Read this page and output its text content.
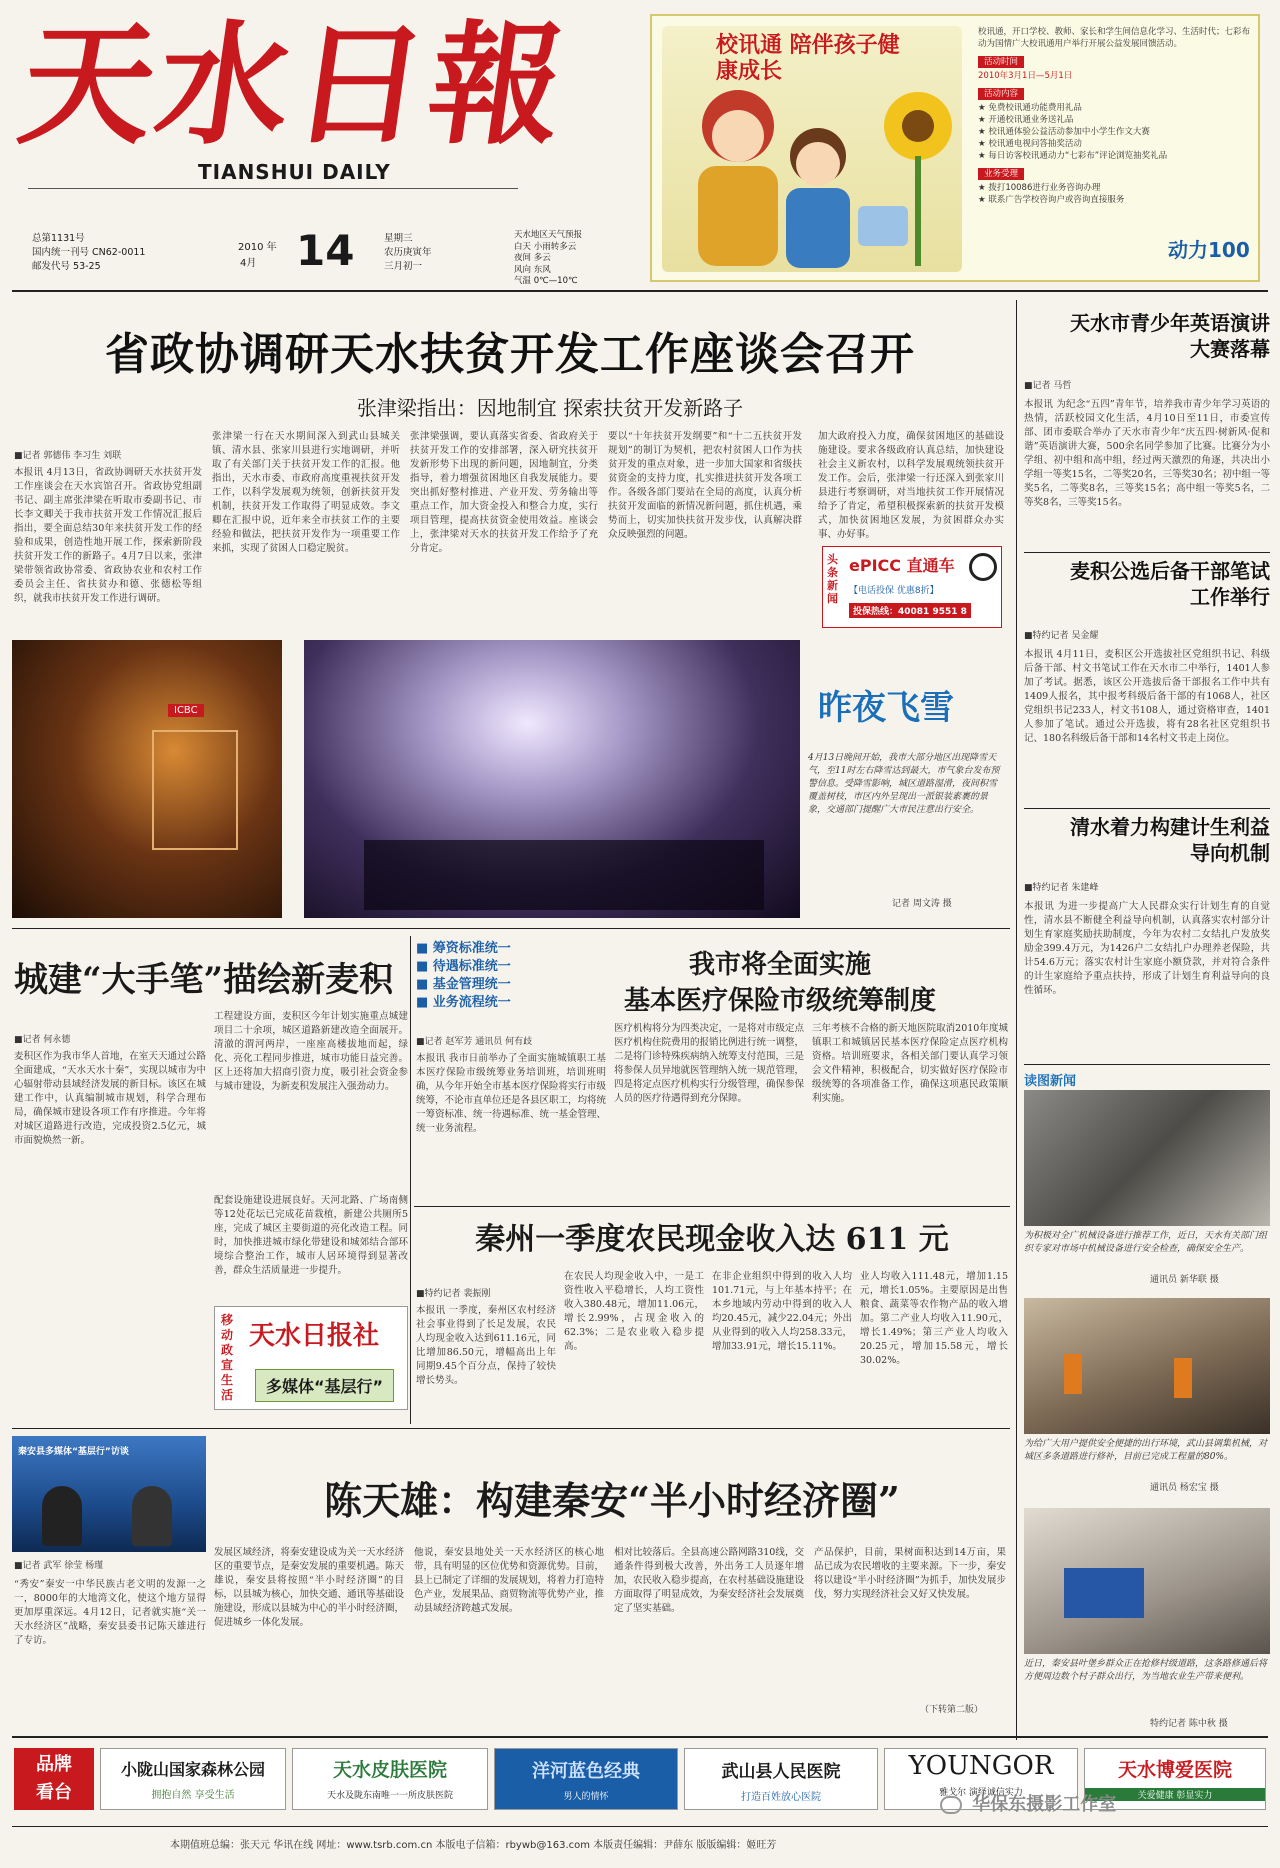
天水日報
TIANSHUI DAILY
总第1131号
国内统一刊号 CN62-0011
邮发代号 53-25
2010 年
4月 14	星期三
农历庚寅年
三月初一
天水地区天气预报
白天 小雨转多云
夜间 多云
风向 东风
气温 0℃—10℃
校讯通 陪伴孩子健康成长
校讯通，开口学校、教师、家长和学生间信息化学习、生活时代；七彩布动为国情广大校讯通用户举行开展公益发展回馈活动。
活动时间
2010年3月1日—5月1日
活动内容
★ 免费校讯通功能费用礼品
★ 开通校讯通业务送礼品
★ 校讯通体验公益活动参加中小学生作文大赛
★ 校讯通电视问答抽奖活动
★ 每日访客校讯通动力“七彩布”评论浏览抽奖礼品
业务受理
★ 拨打10086进行业务咨询办理
★ 联系广告学校咨询户或咨询直接服务
动力100
省政协调研天水扶贫开发工作座谈会召开
张津梁指出：因地制宜 探索扶贫开发新路子
■记者 郭德伟 李习生 刘联
本报讯 4月13日，省政协调研天水扶贫开发工作座谈会在天水宾馆召开。省政协党组副书记、副主席张津梁在听取市委副书记、市长李文卿关于我市扶贫开发工作情况汇报后指出，要全面总结30年来扶贫开发工作的经验和成果，创造性地开展工作，探索新阶段扶贫开发工作的新路子。4月7日以来，张津梁带领省政协常委、省政协农业和农村工作委员会主任、省扶贫办和德、张德松等组织，就我市扶贫开发工作进行调研。
张津梁一行在天水期间深入到武山县城关镇、清水县、张家川县进行实地调研，并听取了有关部门关于扶贫开发工作的汇报。他指出，天水市委、市政府高度重视扶贫开发工作，以科学发展观为统领，创新扶贫开发机制，扶贫开发工作取得了明显成效。李文卿在汇报中说，近年来全市扶贫工作的主要经验和做法，把扶贫开发作为一项重要工作来抓，实现了贫困人口稳定脱贫。
张津梁强调，要认真落实省委、省政府关于扶贫开发工作的安排部署，深入研究扶贫开发新形势下出现的新问题，因地制宜，分类指导，着力增强贫困地区自我发展能力。要突出抓好整村推进、产业开发、劳务输出等重点工作，加大资金投入和整合力度，实行项目管理，提高扶贫资金使用效益。座谈会上，张津梁对天水的扶贫开发工作给予了充分肯定。
要以“十年扶贫开发纲要”和“十二五扶贫开发规划”的制订为契机，把农村贫困人口作为扶贫开发的重点对象，进一步加大国家和省级扶贫资金的支持力度，扎实推进扶贫开发各项工作。各级各部门要站在全局的高度，认真分析扶贫开发面临的新情况新问题，抓住机遇，乘势而上，切实加快扶贫开发步伐，认真解决群众反映强烈的问题。
加大政府投入力度，确保贫困地区的基础设施建设。要求各级政府认真总结，加快建设社会主义新农村，以科学发展观统领扶贫开发工作。会后，张津梁一行还深入到张家川县进行考察调研，对当地扶贫工作开展情况给予了肯定，希望积极探索新的扶贫开发模式，加快贫困地区发展，为贫困群众办实事、办好事。
头条新闻
ePICC 直通车
【电话投保 优惠8折】
投保热线：40081 9551 8
ICBC	昨夜飞雪
4月13日晚间开始，我市大部分地区出现降雪天气，至11时左右降雪达到最大，市气象台发布预警信息。受降雪影响，城区道路湿滑，夜间积雪覆盖树枝，市区内外呈现出一派银装素裹的景象，交通部门提醒广大市民注意出行安全。
记者 周文涛 摄
天水市青少年英语演讲大赛落幕
■记者 马哲
本报讯 为纪念“五四”青年节，培养我市青少年学习英语的热情，活跃校园文化生活，4月10日至11日，市委宣传部、团市委联合举办了天水市青少年“庆五四·树新风·促和谐”英语演讲大赛，500余名同学参加了比赛。比赛分为小学组、初中组和高中组，经过两天激烈的角逐，共决出小学组一等奖15名，二等奖20名，三等奖30名；初中组一等奖5名，二等奖8名，三等奖15名；高中组一等奖5名，二等奖8名，三等奖15名。
麦积公选后备干部笔试工作举行
■特约记者 吴金耀
本报讯 4月11日，麦积区公开选拔社区党组织书记、科级后备干部、村文书笔试工作在天水市二中举行，1401人参加了考试。据悉，该区公开选拔后备干部报名工作中共有1409人报名，其中报考科级后备干部的有1068人，社区党组织书记233人，村文书108人，通过资格审查，1401人参加了笔试。通过公开选拔，将有28名社区党组织书记、180名科级后备干部和14名村文书走上岗位。
清水着力构建计生利益导向机制
■特约记者 朱建峰
本报讯 为进一步提高广大人民群众实行计划生育的自觉性，清水县不断健全利益导向机制，认真落实农村部分计划生育家庭奖励扶助制度，今年为农村二女结扎户发放奖励金399.4万元，为1426户二女结扎户办理养老保险，共计54.6万元；落实农村计生家庭小额贷款，并对符合条件的计生家庭给予重点扶持，形成了计划生育利益导向的良性循环。
读图新闻
为积极对全广机械设备进行推荐工作，近日，天水有关部门组织专家对市场中机械设备进行安全检查，确保安全生产。
通讯员 新华联 摄
为给广大用户提供安全便捷的出行环境，武山县调集机械，对城区多条道路进行修补，目前已完成工程量的80%。
通讯员 杨宏宝 摄
近日，秦安县叶堡乡群众正在抢修村级道路，这条路修通后将方便周边数个村子群众出行，为当地农业生产带来便利。
特约记者 陈中秋 摄
城建“大手笔”描绘新麦积
■记者 何永德
麦积区作为我市华人首地，在室天天通过公路全面建成，“天水天水十秦”，实现以城市为中心辐射带动县域经济发展的新目标。该区在城建工作中，认真编制城市规划，科学合理布局，确保城市建设各项工作有序推进。今年将对城区道路进行改造，完成投资2.5亿元，城市面貌焕然一新。
工程建设方面，麦积区今年计划实施重点城建项目二十余项，城区道路新建改造全面展开。清澈的渭河两岸，一座座高楼拔地而起，绿化、亮化工程同步推进，城市功能日益完善。区上还将加大招商引资力度，吸引社会资金参与城市建设，为新麦积发展注入强劲动力。
配套设施建设进展良好。天河北路、广场南侧等12处花坛已完成花苗栽植，新建公共厕所5座，完成了城区主要街道的亮化改造工程。同时，加快推进城市绿化带建设和城郊结合部环境综合整治工作，城市人居环境得到显著改善，群众生活质量进一步提升。
移动政宣生活
天水日报社
多媒体“基层行”
■ 筹资标准统一
■ 待遇标准统一
■ 基金管理统一
■ 业务流程统一
我市将全面实施
基本医疗保险市级统筹制度
■记者 赵军芳 通讯员 何有歧
本报讯 我市日前举办了全面实施城镇职工基本医疗保险市级统筹业务培训班，培训班明确，从今年开始全市基本医疗保险将实行市级统筹，不论市直单位还是各县区职工，均将统一筹资标准、统一待遇标准、统一基金管理、统一业务流程。
医疗机构将分为四类决定，一是将对市级定点医疗机构住院费用的报销比例进行统一调整，二是将门诊特殊疾病纳入统筹支付范围，三是将参保人员异地就医管理纳入统一规范管理，四是将定点医疗机构实行分级管理，确保参保人员的医疗待遇得到充分保障。
三年考核不合格的新天地医院取消2010年度城镇职工和城镇居民基本医疗保险定点医疗机构资格。培训班要求，各相关部门要认真学习领会文件精神，积极配合，切实做好医疗保险市级统筹的各项准备工作，确保这项惠民政策顺利实施。
秦州一季度农民现金收入达 611 元
■特约记者 裴振刚
本报讯 一季度，秦州区农村经济社会事业得到了长足发展，农民人均现金收入达到611.16元，同比增加86.50元，增幅高出上年同期9.45个百分点，保持了较快增长势头。
在农民人均现金收入中，一是工资性收入平稳增长，人均工资性收入380.48元，增加11.06元，增长2.99%，占现金收入的62.3%；二是农业收入稳步提高。
在非企业组织中得到的收入人均101.71元，与上年基本持平；在本乡地域内劳动中得到的收入人均20.45元，减少22.04元；外出从业得到的收入人均258.33元，增加33.91元，增长15.11%。
业人均收入111.48元，增加1.15元，增长1.05%。主要原因是出售粮食、蔬菜等农作物产品的收入增加。第二产业人均收入11.90元，增长1.49%；第三产业人均收入20.25元，增加15.58元，增长30.02%。
秦安县多媒体“基层行”访谈
陈天雄：构建秦安“半小时经济圈”
■记者 武军 徐莹 杨瑾
“秀安”秦安一中华民族古老文明的发源一之一，8000年的大地湾文化，使这个地方显得更加厚重深远。4月12日，记者就实施“关一天水经济区”战略，秦安县委书记陈天雄进行了专访。
发展区域经济，将秦安建设成为关一天水经济区的重要节点，是秦安发展的重要机遇。陈天雄说，秦安县将按照“半小时经济圈”的目标，以县城为核心，加快交通、通讯等基础设施建设，形成以县城为中心的半小时经济圈，促进城乡一体化发展。
他说，秦安县地处关一天水经济区的核心地带，具有明显的区位优势和资源优势。目前，县上已制定了详细的发展规划，将着力打造特色产业，发展果品、商贸物流等优势产业，推动县域经济跨越式发展。
相对比较落后。全县高速公路网路310线，交通条件得到极大改善，外出务工人员逐年增加，农民收入稳步提高，在农村基础设施建设方面取得了明显成效，为秦安经济社会发展奠定了坚实基础。
产品保护，目前，果树面积达到14万亩，果品已成为农民增收的主要来源。下一步，秦安将以建设“半小时经济圈”为抓手，加快发展步伐，努力实现经济社会又好又快发展。
（下转第二版）
品牌
看台
小陇山国家森林公园
拥抱自然 享受生活
天水皮肤医院
天水及陇东南唯一一所皮肤医院
洋河蓝色经典
男人的情怀
武山县人民医院
打造百姓放心医院
YOUNGOR
雅戈尔 演绎诚信实力
天水博爱医院
关爱健康 彰显实力
华保东摄影工作室
本期值班总编：张天元 华讯在线 网址：www.tsrb.com.cn 本版电子信箱：rbywb@163.com 本版责任编辑：尹薛东 版版编辑：姬旺芳
